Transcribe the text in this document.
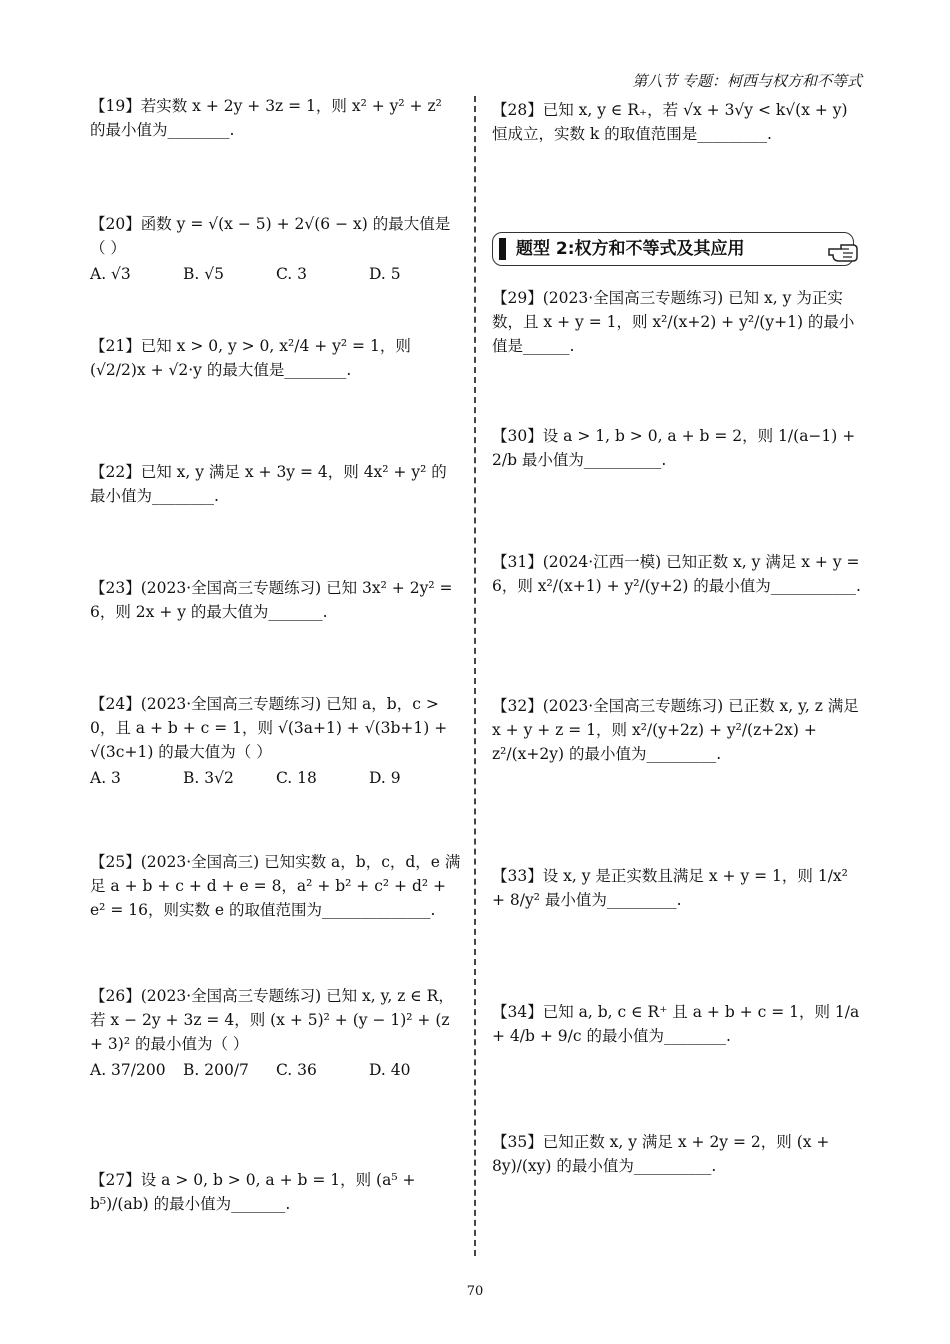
第八节 专题：柯西与权方和不等式
【19】若实数 x + 2y + 3z = 1，则 x² + y² + z² 的最小值为________.
【20】函数 y = √(x − 5) + 2√(6 − x) 的最大值是（ ）
A. √3	B. √5	C. 3	D. 5
【21】已知 x > 0, y > 0, x²/4 + y² = 1，则 (√2/2)x + √2·y 的最大值是________.
【22】已知 x, y 满足 x + 3y = 4，则 4x² + y² 的最小值为________.
【23】(2023·全国高三专题练习) 已知 3x² + 2y² = 6，则 2x + y 的最大值为_______.
【24】(2023·全国高三专题练习) 已知 a，b，c > 0，且 a + b + c = 1，则 √(3a+1) + √(3b+1) + √(3c+1) 的最大值为（ ）
A. 3	B. 3√2	C. 18	D. 9
【25】(2023·全国高三) 已知实数 a，b，c，d，e 满足 a + b + c + d + e = 8，a² + b² + c² + d² + e² = 16，则实数 e 的取值范围为______________.
【26】(2023·全国高三专题练习) 已知 x, y, z ∈ R，若 x − 2y + 3z = 4，则 (x + 5)² + (y − 1)² + (z + 3)² 的最小值为（ ）
A. 37/200	B. 200/7	C. 36	D. 40
【27】设 a > 0, b > 0, a + b = 1，则 (a⁵ + b⁵)/(ab) 的最小值为_______.
【28】已知 x, y ∈ R₊，若 √x + 3√y < k√(x + y) 恒成立，实数 k 的取值范围是_________.
题型 2:权方和不等式及其应用
【29】(2023·全国高三专题练习) 已知 x, y 为正实数，且 x + y = 1，则 x²/(x+2) + y²/(y+1) 的最小值是______.
【30】设 a > 1, b > 0, a + b = 2，则 1/(a−1) + 2/b 最小值为__________.
【31】(2024·江西一模) 已知正数 x, y 满足 x + y = 6，则 x²/(x+1) + y²/(y+2) 的最小值为___________.
【32】(2023·全国高三专题练习) 已正数 x, y, z 满足 x + y + z = 1，则 x²/(y+2z) + y²/(z+2x) + z²/(x+2y) 的最小值为_________.
【33】设 x, y 是正实数且满足 x + y = 1，则 1/x² + 8/y² 最小值为_________.
【34】已知 a, b, c ∈ R⁺ 且 a + b + c = 1，则 1/a + 4/b + 9/c 的最小值为________.
【35】已知正数 x, y 满足 x + 2y = 2，则 (x + 8y)/(xy) 的最小值为__________.
70
